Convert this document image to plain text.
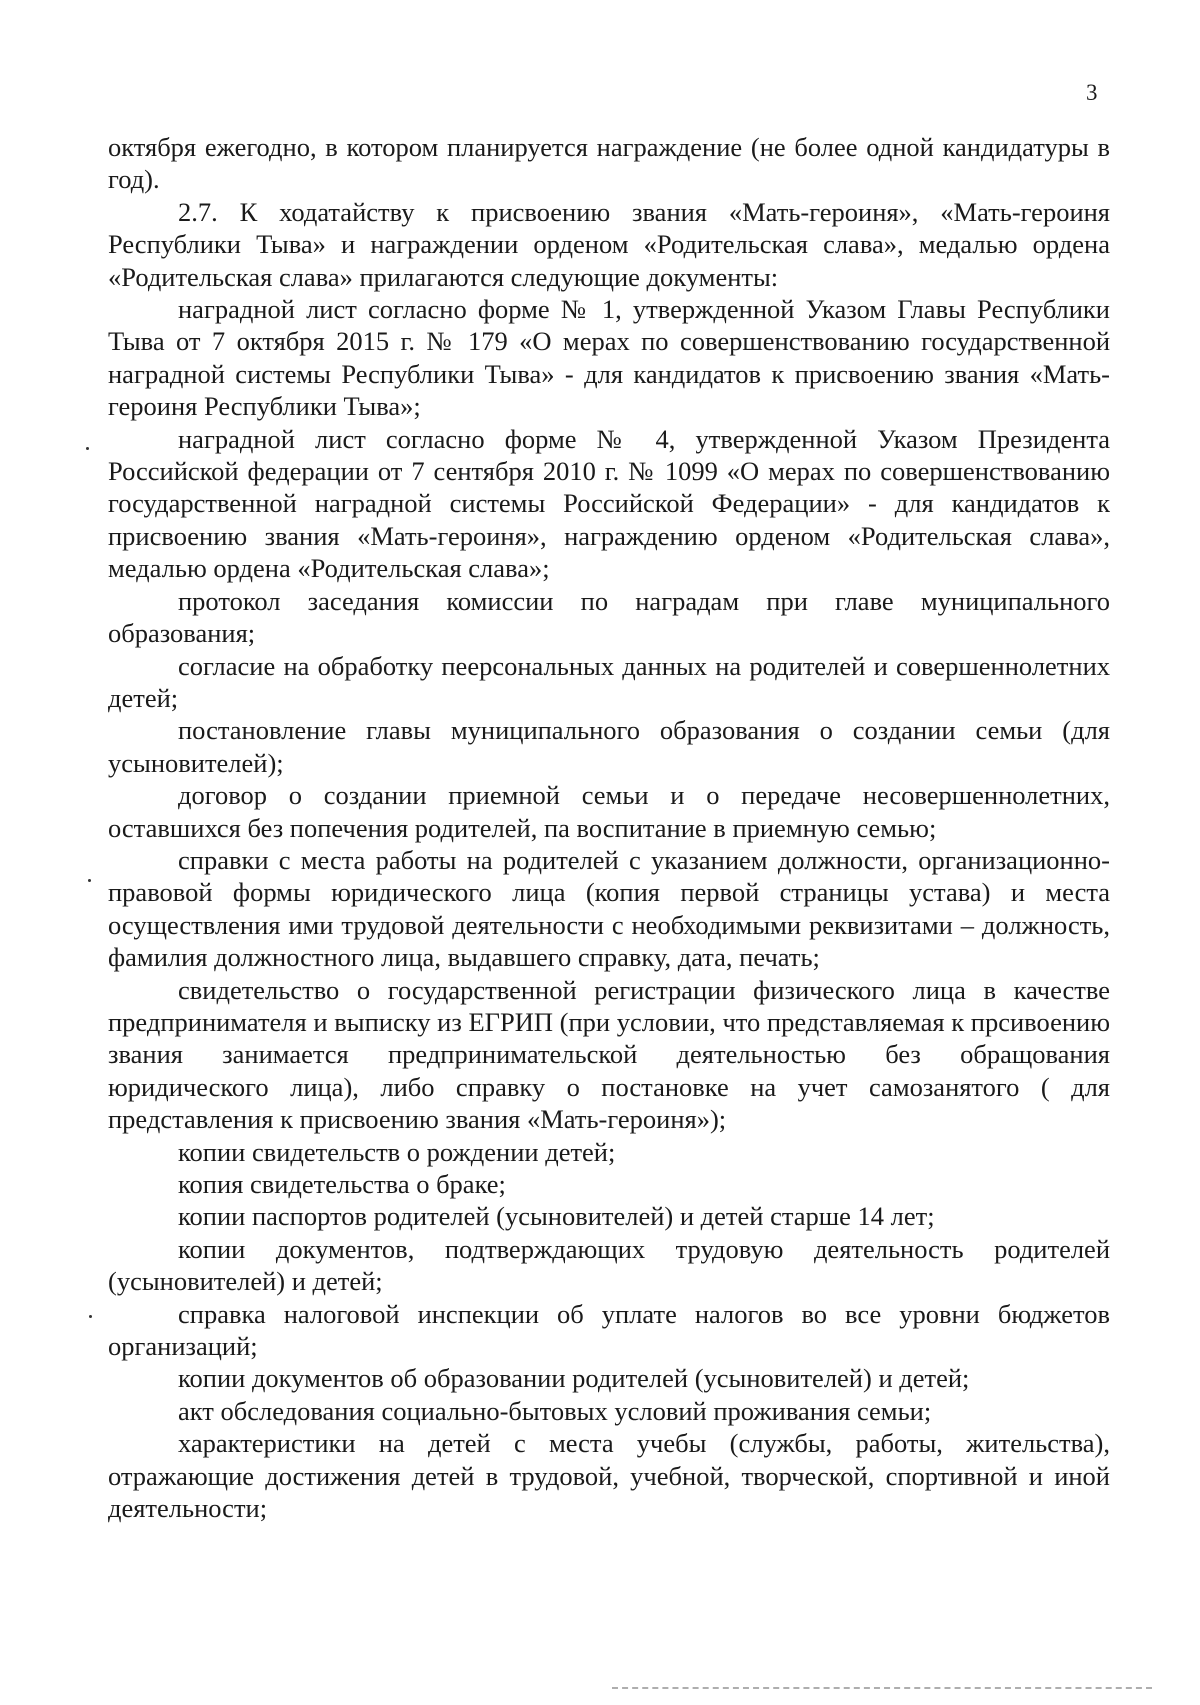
3

октября ежегодно, в котором планируется награждение (не более одной кандидатуры в год).

2.7. К ходатайству к присвоению звания «Мать-героиня», «Мать-героиня Республики Тыва» и награждении орденом «Родительская слава», медалью ордена «Родительская слава» прилагаются следующие документы:

наградной лист согласно форме № 1, утвержденной Указом Главы Республики Тыва от 7 октября 2015 г. № 179 «О мерах по совершенствованию государственной наградной системы Республики Тыва» - для кандидатов к присвоению звания «Мать-героиня Республики Тыва»;

наградной лист согласно форме № 4, утвержденной Указом Президента Российской федерации от 7 сентября 2010 г. № 1099 «О мерах по совершенствованию государственной наградной системы Российской Федерации» - для кандидатов к присвоению звания «Мать-героиня», награждению орденом «Родительская слава», медалью ордена «Родительская слава»;

протокол заседания комиссии по наградам при главе муниципального образования;

согласие на обработку пеерсональных данных на родителей и совершеннолетних детей;

постановление главы муниципального образования о создании семьи (для усыновителей);

договор о создании приемной семьи и о передаче несовершеннолетних, оставшихся без попечения родителей, па воспитание в приемную семью;

справки с места работы на родителей с указанием должности, организационно-правовой формы юридического лица (копия первой страницы устава) и места осуществления ими трудовой деятельности с необходимыми реквизитами – должность, фамилия должностного лица, выдавшего справку, дата, печать;

свидетельство о государственной регистрации физического лица в качестве предпринимателя и выписку из ЕГРИП (при условии, что представляемая к прсивоению звания занимается предпринимательской деятельностью без обращования юридического лица), либо справку о постановке на учет самозанятого ( для представления к присвоению звания «Мать-героиня»);

копии свидетельств о рождении детей;

копия свидетельства о браке;

копии паспортов родителей (усыновителей) и детей старше 14 лет;

копии документов, подтверждающих трудовую деятельность родителей (усыновителей) и детей;

справка налоговой инспекции об уплате налогов во все уровни бюджетов организаций;

копии документов об образовании родителей (усыновителей) и детей;

акт обследования социально-бытовых условий проживания семьи;

характеристики на детей с места учебы (службы, работы, жительства), отражающие достижения детей в трудовой, учебной, творческой, спортивной и иной деятельности;
